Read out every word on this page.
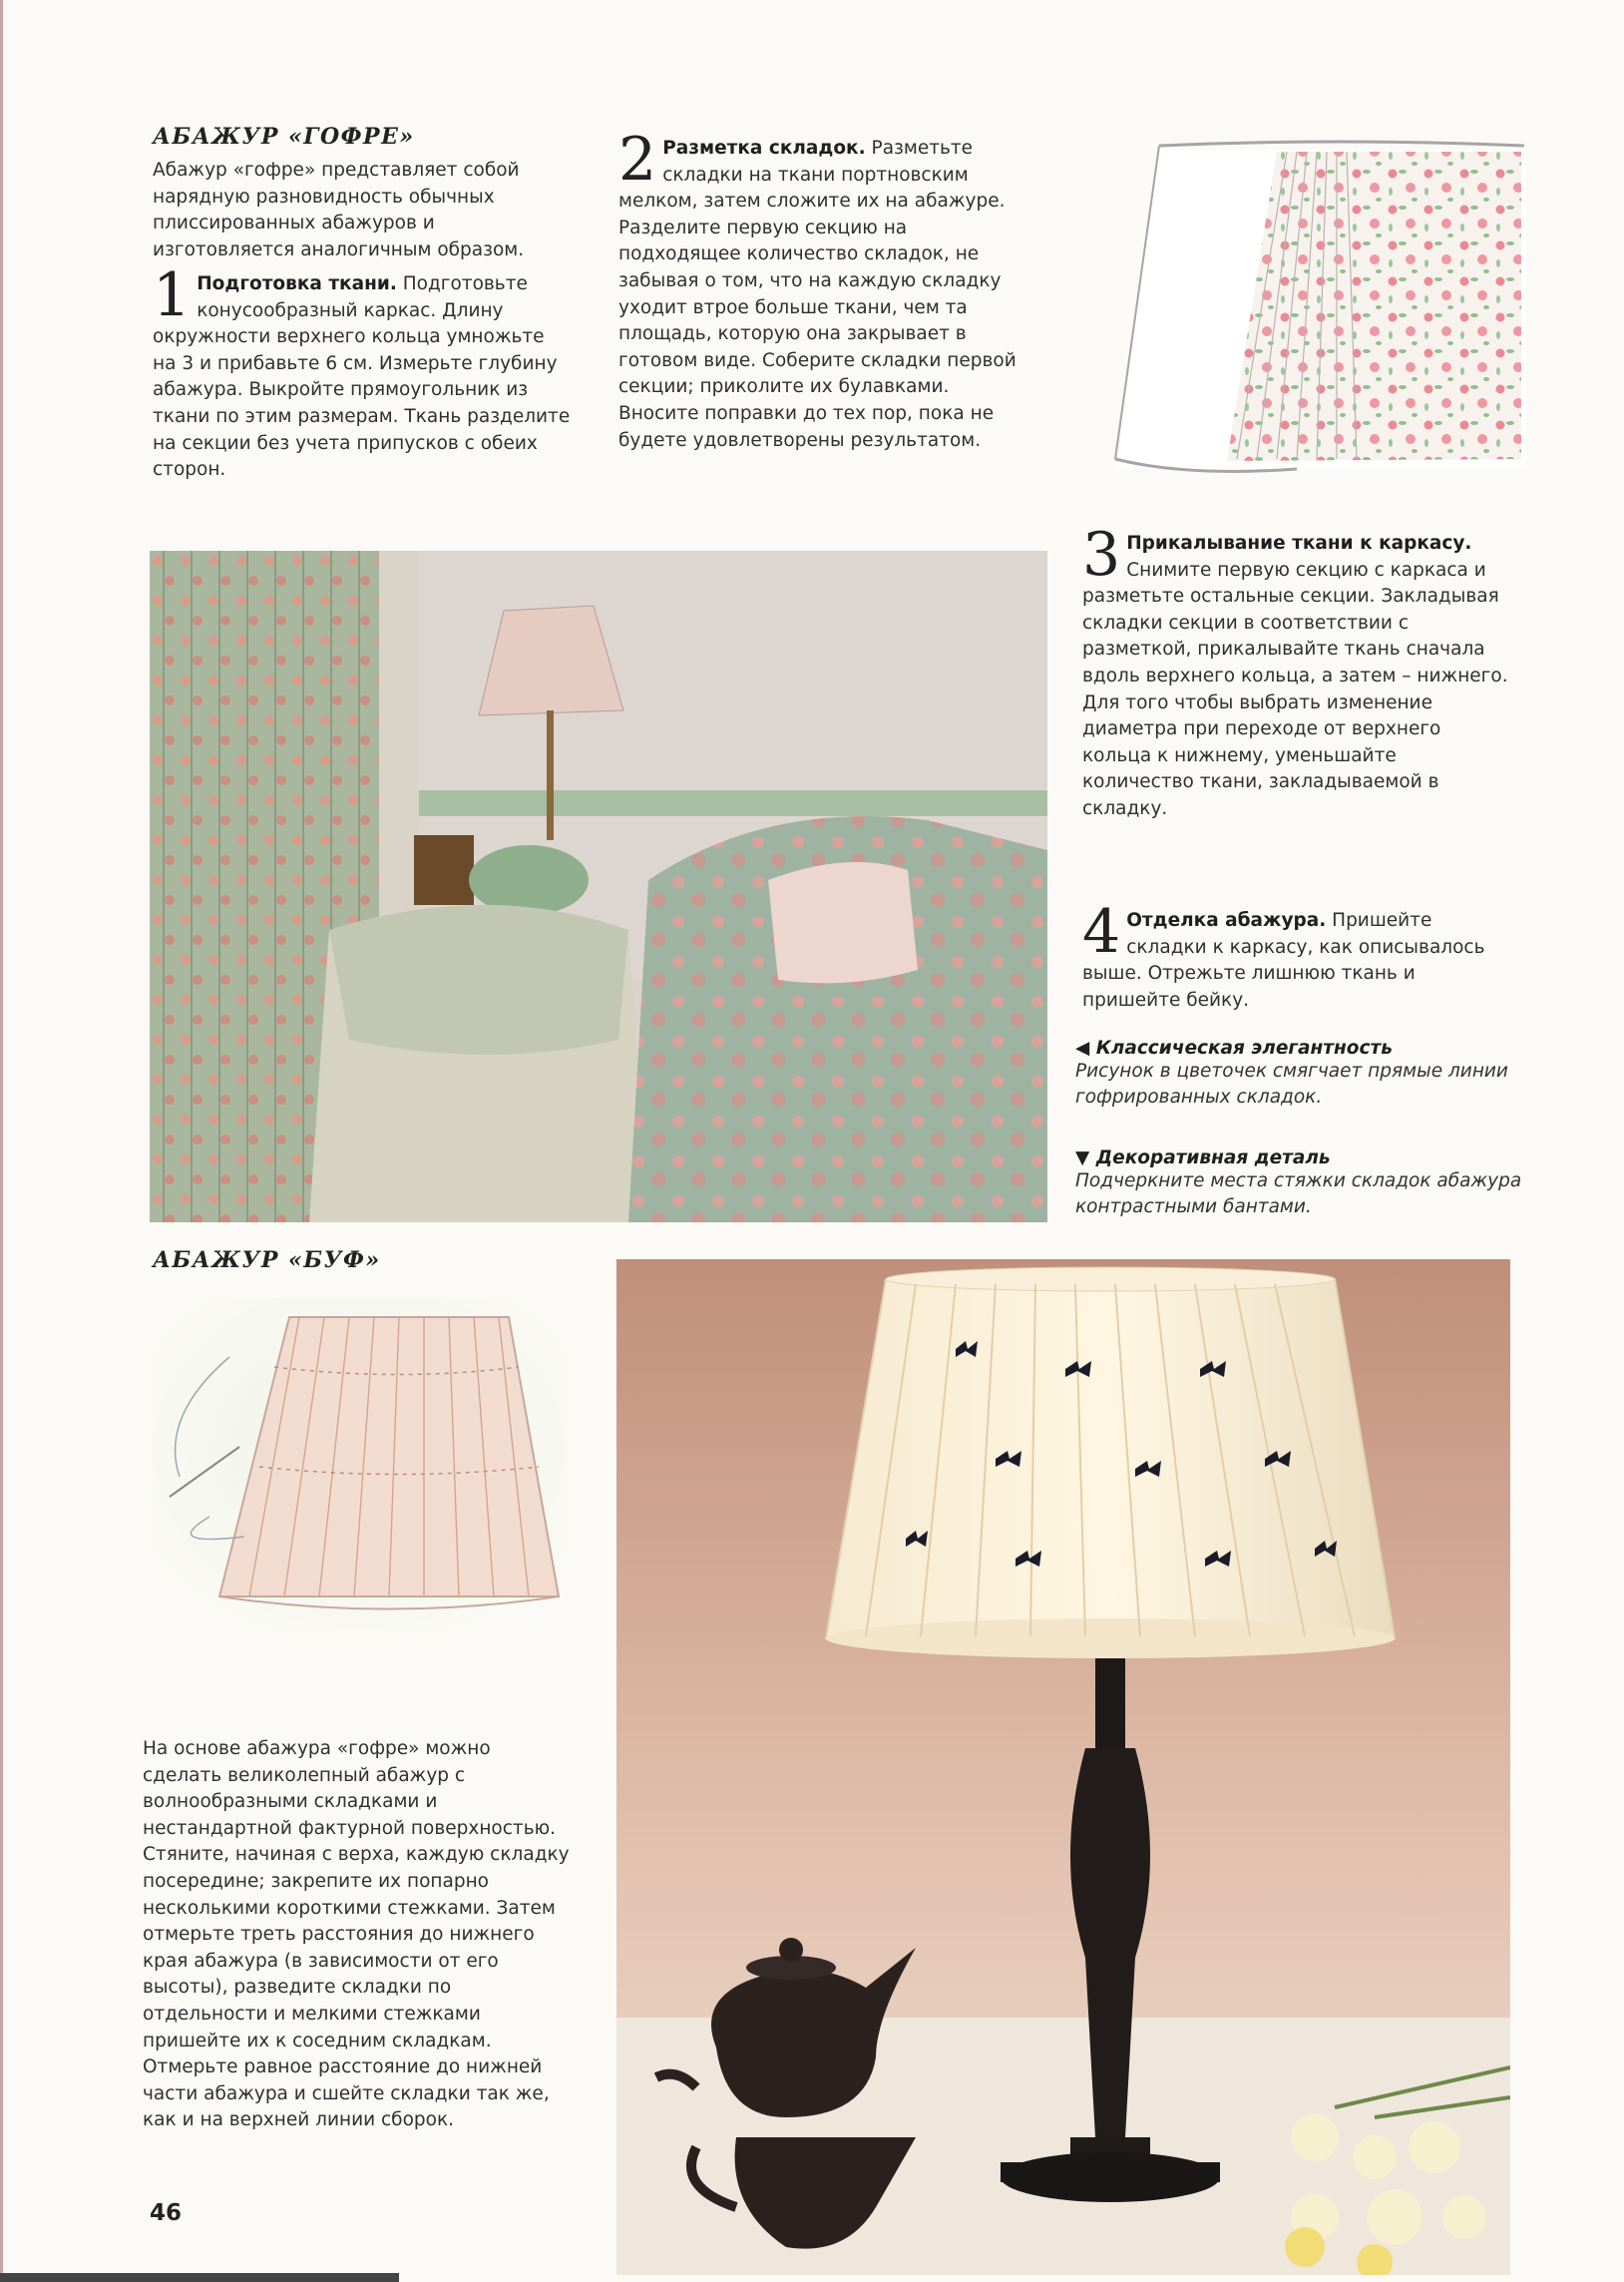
АБАЖУР «ГОФРЕ»
Абажур «гофре» представляет собой нарядную разновидность обычных плиссированных абажуров и изготовляется аналогичным образом.
1 Подготовка ткани. Подготовьте конусообразный каркас. Длину окружности верхнего кольца умножьте на 3 и прибавьте 6 см. Измерьте глубину абажура. Выкройте прямоугольник из ткани по этим размерам. Ткань разделите на секции без учета припусков с обеих сторон.
2 Разметка складок. Разметьте складки на ткани портновским мелком, затем сложите их на абажуре. Разделите первую секцию на подходящее количество складок, не забывая о том, что на каждую складку уходит втрое больше ткани, чем та площадь, которую она закрывает в готовом виде. Соберите складки первой секции; приколите их булавками. Вносите поправки до тех пор, пока не будете удовлетворены результатом.
3 Прикалывание ткани к каркасу. Снимите первую секцию с каркаса и разметьте остальные секции. Закладывая складки секции в соответствии с разметкой, прикалывайте ткань сначала вдоль верхнего кольца, а затем – нижнего. Для того чтобы выбрать изменение диаметра при переходе от верхнего кольца к нижнему, уменьшайте количество ткани, закладываемой в складку.
4 Отделка абажура. Пришейте складки к каркасу, как описывалось выше. Отрежьте лишнюю ткань и пришейте бейку.
◀ Классическая элегантность
Рисунок в цветочек смягчает прямые линии гофрированных складок.
▼ Декоративная деталь
Подчеркните места стяжки складок абажура контрастными бантами.
АБАЖУР «БУФ»
На основе абажура «гофре» можно сделать великолепный абажур с волнообразными складками и нестандартной фактурной поверхностью. Стяните, начиная с верха, каждую складку посередине; закрепите их попарно несколькими короткими стежками. Затем отмерьте треть расстояния до нижнего края абажура (в зависимости от его высоты), разведите складки по отдельности и мелкими стежками пришейте их к соседним складкам. Отмерьте равное расстояние до нижней части абажура и сшейте складки так же, как и на верхней линии сборок.
46
